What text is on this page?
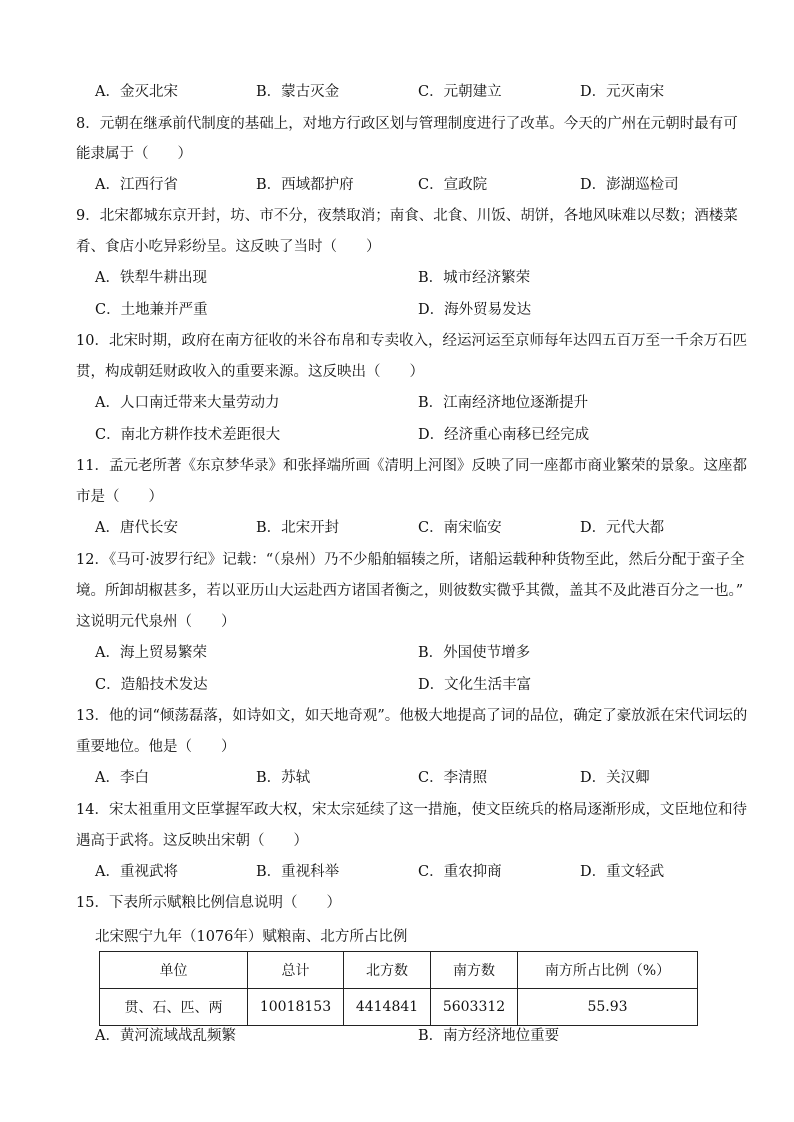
A．金灭北宋	B．蒙古灭金	C．元朝建立	D．元灭南宋
8．元朝在继承前代制度的基础上，对地方行政区划与管理制度进行了改革。今天的广州在元朝时最有可
能隶属于（　　）
A．江西行省	B．西域都护府	C．宣政院	D．澎湖巡检司
9．北宋都城东京开封，坊、市不分，夜禁取消；南食、北食、川饭、胡饼，各地风味难以尽数；酒楼菜
肴、食店小吃异彩纷呈。这反映了当时（　　）
A．铁犁牛耕出现	B．城市经济繁荣
C．土地兼并严重	D．海外贸易发达
10．北宋时期，政府在南方征收的米谷布帛和专卖收入，经运河运至京师每年达四五百万至一千余万石匹
贯，构成朝廷财政收入的重要来源。这反映出（　　）
A．人口南迁带来大量劳动力	B．江南经济地位逐渐提升
C．南北方耕作技术差距很大	D．经济重心南移已经完成
11．孟元老所著《东京梦华录》和张择端所画《清明上河图》反映了同一座都市商业繁荣的景象。这座都
市是（　　）
A．唐代长安	B．北宋开封	C．南宋临安	D．元代大都
12．《马可·波罗行纪》记载：“（泉州）乃不少船舶辐辏之所，诸船运载种种货物至此，然后分配于蛮子全
境。所卸胡椒甚多，若以亚历山大运赴西方诸国者衡之，则彼数实微乎其微，盖其不及此港百分之一也。”
这说明元代泉州（　　）
A．海上贸易繁荣	B．外国使节增多
C．造船技术发达	D．文化生活丰富
13．他的词“倾荡磊落，如诗如文，如天地奇观”。他极大地提高了词的品位，确定了豪放派在宋代词坛的
重要地位。他是（　　）
A．李白	B．苏轼	C．李清照	D．关汉卿
14．宋太祖重用文臣掌握军政大权，宋太宗延续了这一措施，使文臣统兵的格局逐渐形成，文臣地位和待
遇高于武将。这反映出宋朝（　　）
A．重视武将	B．重视科举	C．重农抑商	D．重文轻武
15．下表所示赋粮比例信息说明（　　）
北宋熙宁九年（1076年）赋粮南、北方所占比例
单位	总计	北方数	南方数	南方所占比例（%）
贯、石、匹、两	10018153	4414841	5603312	55.93
A．黄河流域战乱频繁	B．南方经济地位重要
